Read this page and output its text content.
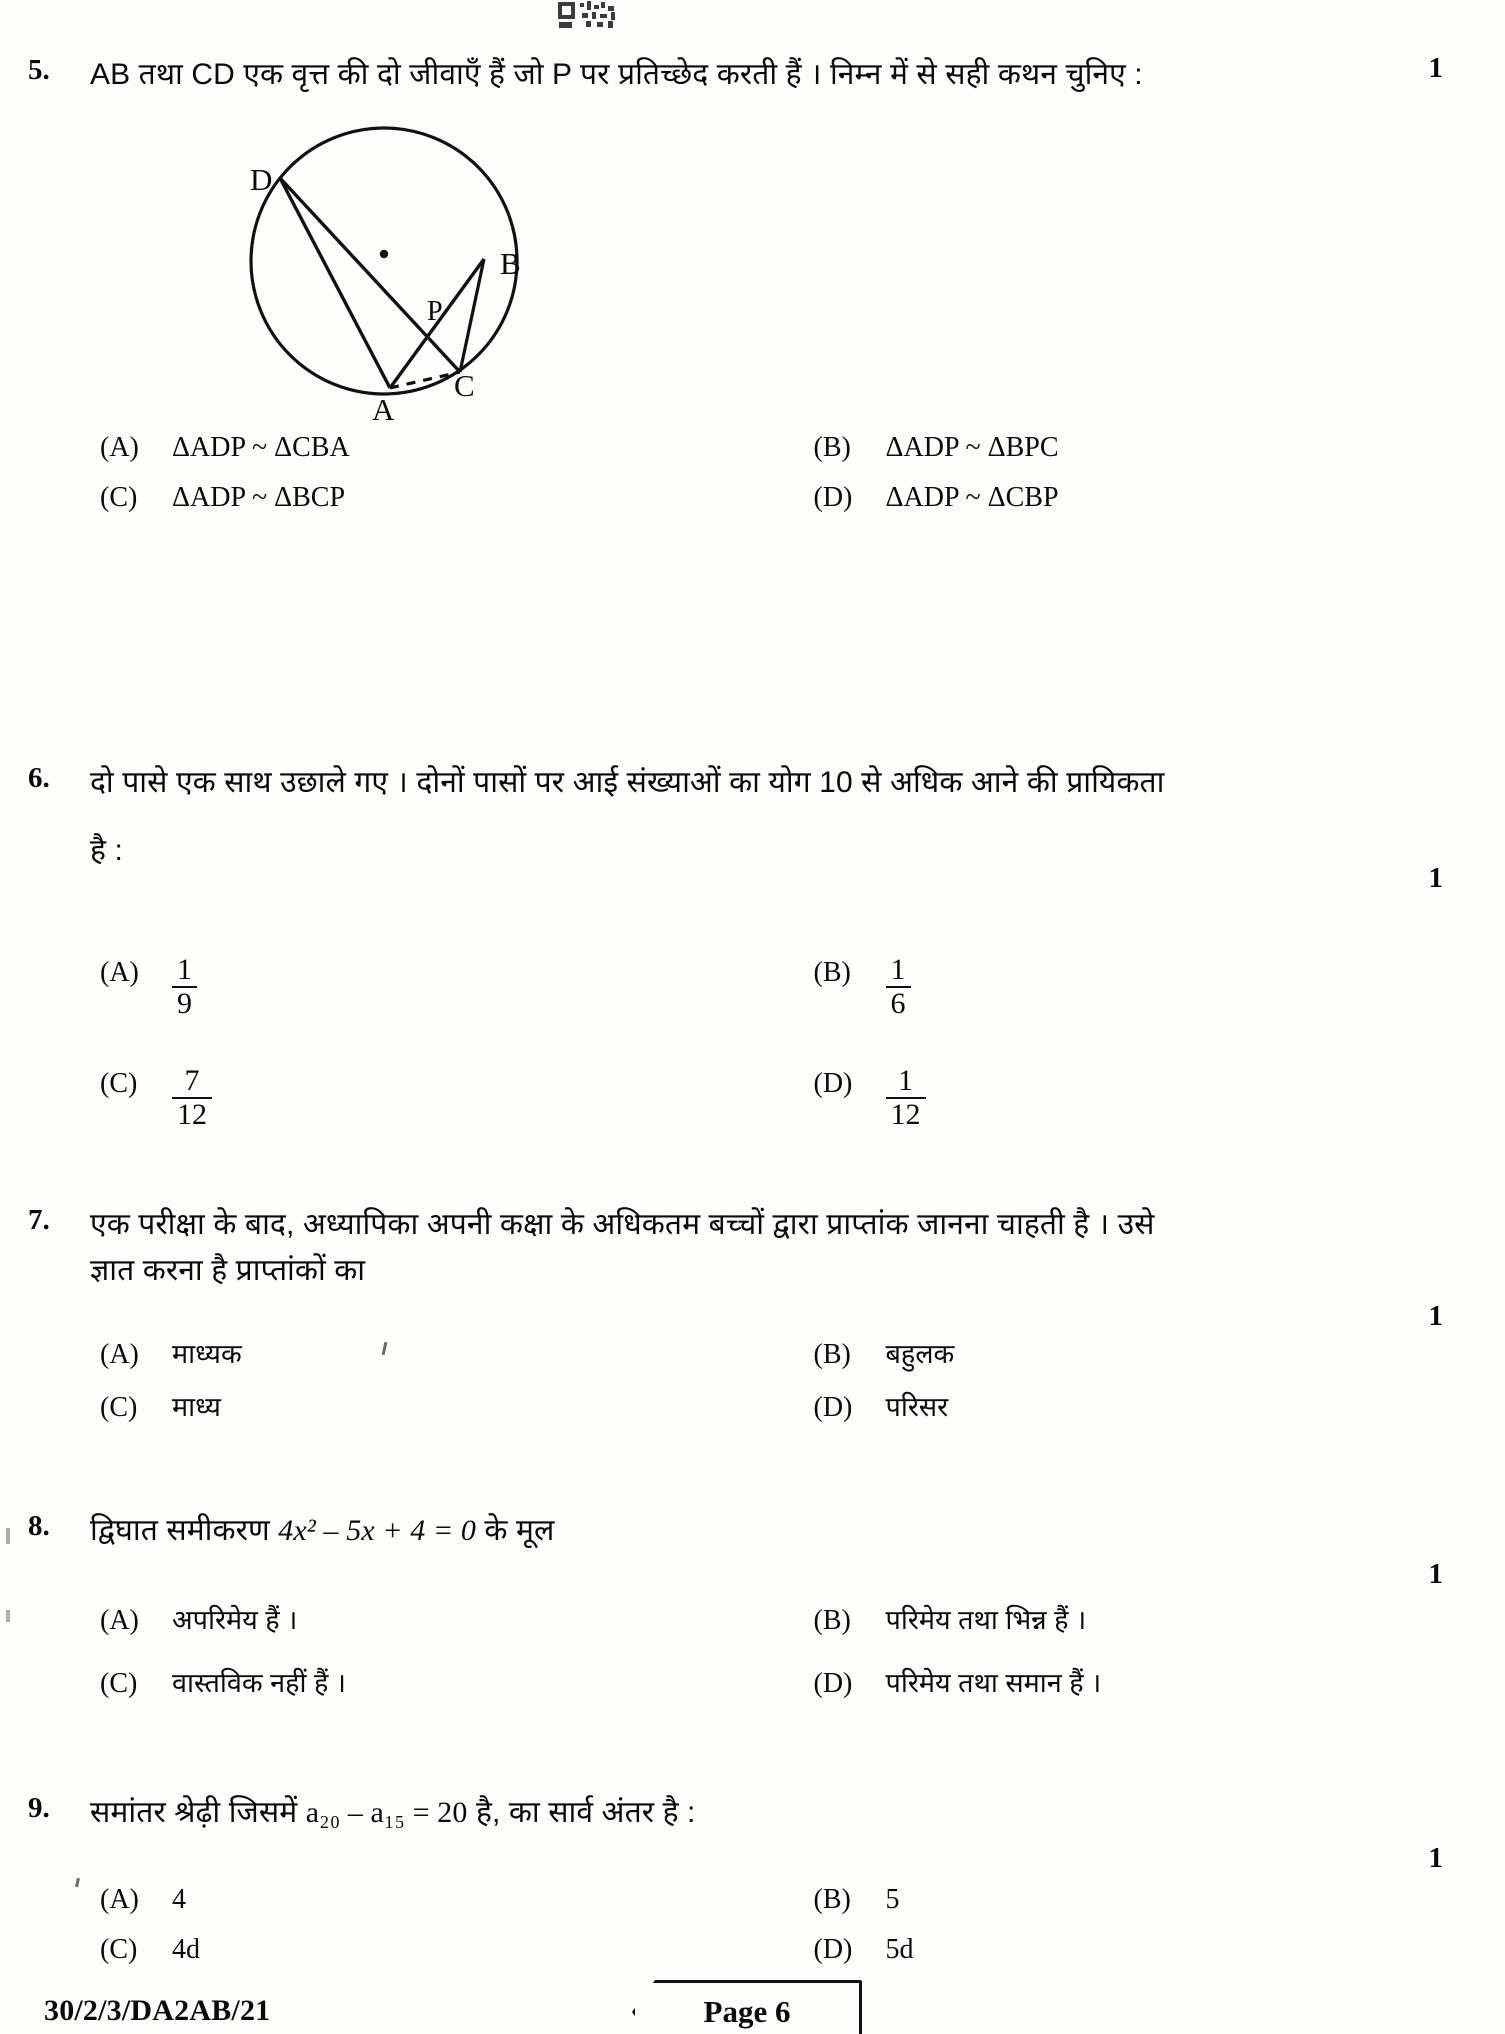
5.	AB तथा CD एक वृत्त की दो जीवाएँ हैं जो P पर प्रतिच्छेद करती हैं । निम्न में से सही कथन चुनिए :	1
D
B
P
C
A
(A)	ΔADP ~ ΔCBA	(B)	ΔADP ~ ΔBPC
(C)	ΔADP ~ ΔBCP	(D)	ΔADP ~ ΔCBP
6.	दो पासे एक साथ उछाले गए । दोनों पासों पर आई संख्याओं का योग 10 से अधिक आने की प्रायिकता
है :
1
(A)	$\frac{1}{9}$	(B)	$\frac{1}{6}$
(C)	$\frac{7}{12}$	(D)	$\frac{1}{12}$
7.	एक परीक्षा के बाद, अध्यापिका अपनी कक्षा के अधिकतम बच्चों द्वारा प्राप्तांक जानना चाहती है । उसे
ज्ञात करना है प्राप्तांकों का
1
(A)	माध्यक	(B)	बहुलक
(C)	माध्य	(D)	परिसर
8.	द्विघात समीकरण 4x² – 5x + 4 = 0 के मूल
1
(A)	अपरिमेय हैं ।	(B)	परिमेय तथा भिन्न हैं ।
(C)	वास्तविक नहीं हैं ।	(D)	परिमेय तथा समान हैं ।
9.	समांतर श्रेढ़ी जिसमें a₂₀ – a₁₅ = 20 है, का सार्व अंतर है :
1
(A)	4	(B)	5
(C)	4d	(D)	5d
30/2/3/DA2AB/21	Page 6
